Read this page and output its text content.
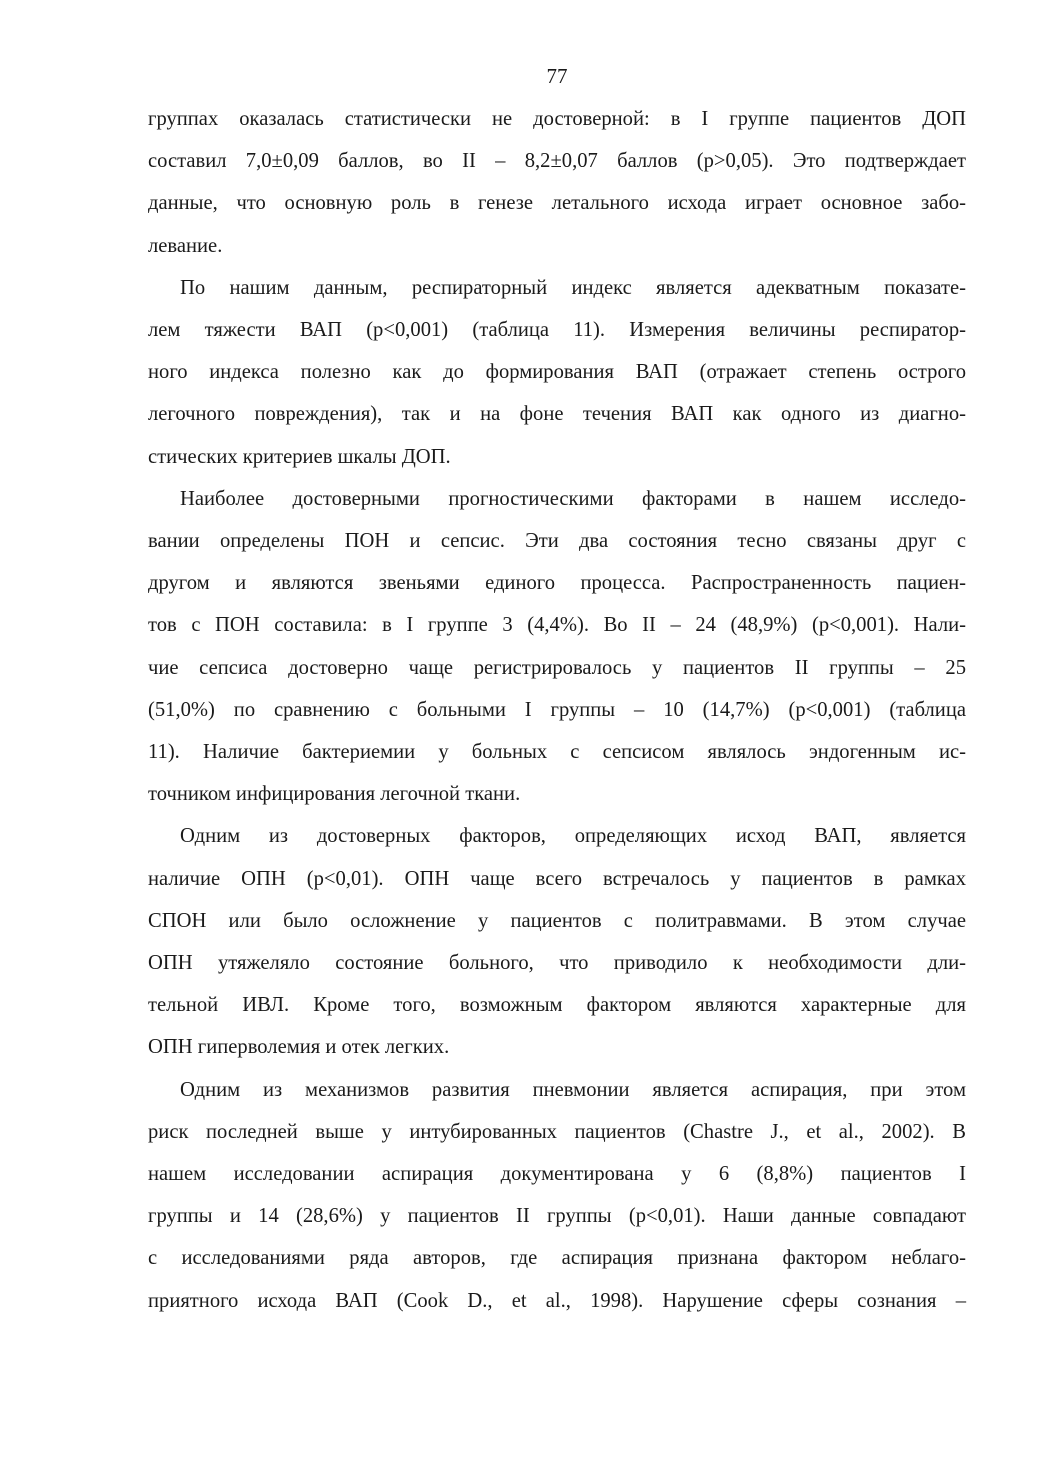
77
группах оказалась статистически не достоверной: в I группе пациентов ДОП
составил 7,0±0,09 баллов, во II – 8,2±0,07 баллов (р>0,05). Это подтверждает
данные, что основную роль в генезе летального исхода играет основное забо-
левание.
По нашим данным, респираторный индекс является адекватным показате-
лем тяжести ВАП (р<0,001) (таблица 11). Измерения величины респиратор-
ного индекса полезно как до формирования ВАП (отражает степень острого
легочного повреждения), так и на фоне течения ВАП как одного из диагно-
стических критериев шкалы ДОП.
Наиболее достоверными прогностическими факторами в нашем исследо-
вании определены ПОН и сепсис. Эти два состояния тесно связаны друг с
другом и являются звеньями единого процесса. Распространенность пациен-
тов с ПОН составила: в I группе 3 (4,4%). Во II – 24 (48,9%) (р<0,001). Нали-
чие сепсиса достоверно чаще регистрировалось у пациентов II группы – 25
(51,0%) по сравнению с больными I группы – 10 (14,7%) (р<0,001) (таблица
11). Наличие бактериемии у больных с сепсисом являлось эндогенным ис-
точником инфицирования легочной ткани.
Одним из достоверных факторов, определяющих исход ВАП, является
наличие ОПН (р<0,01). ОПН чаще всего встречалось у пациентов в рамках
СПОН или было осложнение у пациентов с политравмами. В этом случае
ОПН утяжеляло состояние больного, что приводило к необходимости дли-
тельной ИВЛ. Кроме того, возможным фактором являются характерные для
ОПН гиперволемия и отек легких.
Одним из механизмов развития пневмонии является аспирация, при этом
риск последней выше у интубированных пациентов (Chastre J., et al., 2002). В
нашем исследовании аспирация документирована у 6 (8,8%) пациентов I
группы и 14 (28,6%) у пациентов II группы (р<0,01). Наши данные совпадают
с исследованиями ряда авторов, где аспирация признана фактором неблаго-
приятного исхода ВАП (Cook D., et al., 1998). Нарушение сферы сознания –
